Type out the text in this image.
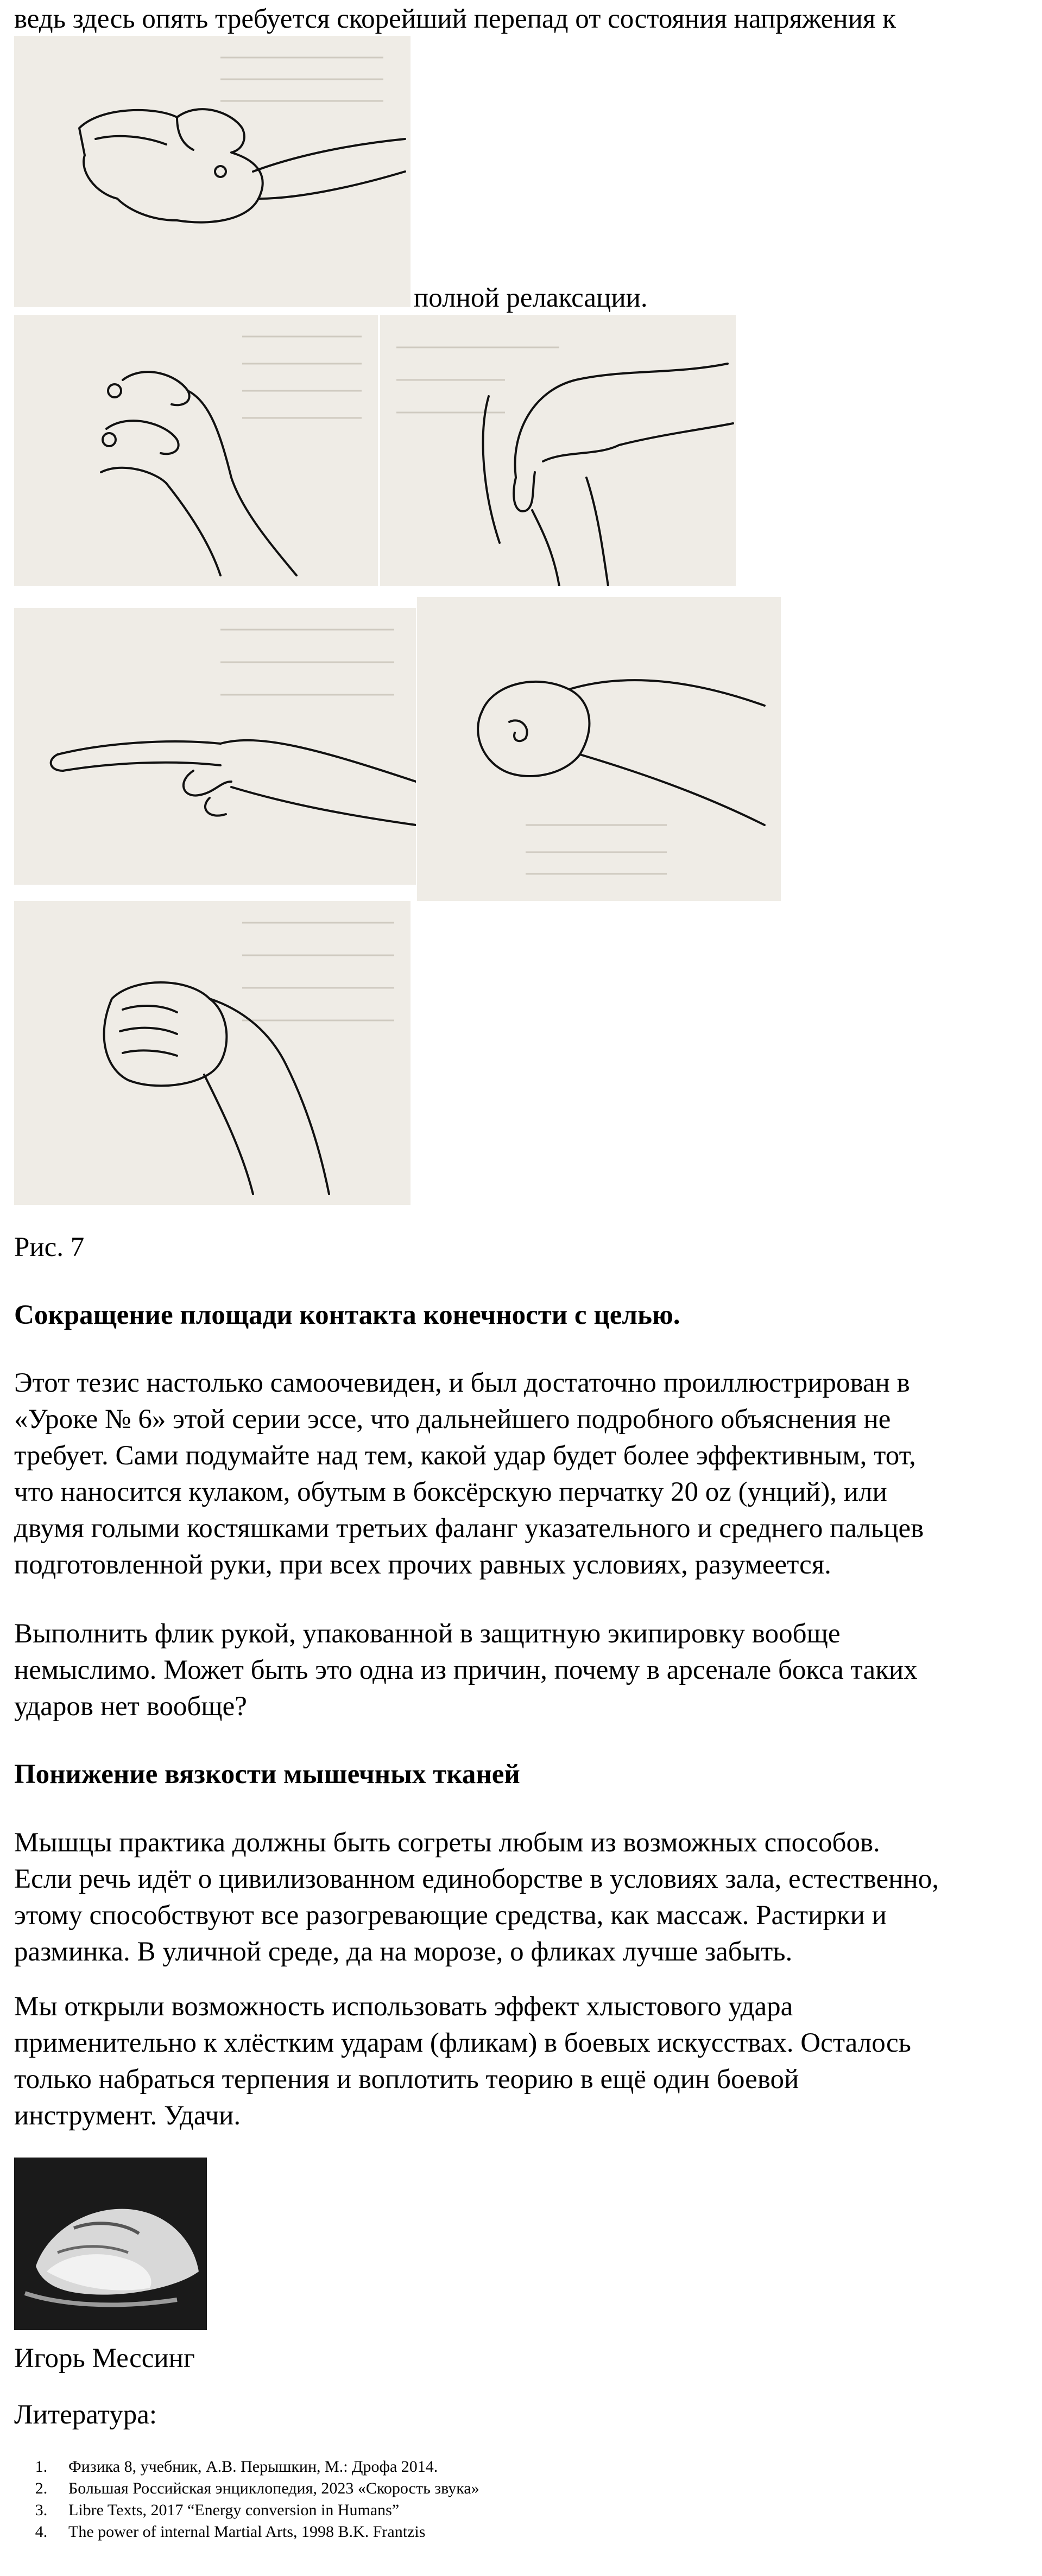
ведь здесь опять требуется скорейший перепад от состояния напряжения к

полной релаксации.

Рис. 7

Сокращение площади контакта конечности с целью.

Этот тезис настолько самоочевиден, и был достаточно проиллюстрирован в

«Уроке № 6» этой серии эссе, что дальнейшего подробного объяснения не

требует. Сами подумайте над тем, какой удар будет более эффективным, тот,

что наносится кулаком, обутым в боксёрскую перчатку 20 oz (унций), или

двумя голыми костяшками третьих фаланг указательного и среднего пальцев

подготовленной руки, при всех прочих равных условиях, разумеется.

Выполнить флик рукой, упакованной в защитную экипировку вообще

немыслимо. Может быть это одна из причин, почему в арсенале бокса таких

ударов нет вообще?

Понижение вязкости мышечных тканей

Мышцы практика должны быть согреты любым из возможных способов.

Если речь идёт о цивилизованном единоборстве в условиях зала, естественно,

этому способствуют все разогревающие средства, как массаж. Растирки и

разминка. В уличной среде, да на морозе, о фликах лучше забыть.

Мы открыли возможность использовать эффект хлыстового удара

применительно к хлёстким ударам (фликам) в боевых искусствах. Осталось

только набраться терпения и воплотить теорию в ещё один боевой

инструмент. Удачи.

Игорь Мессинг

Литература:

1.	Физика 8, учебник, А.В. Перышкин, М.: Дрофа 2014.
2.	Большая Российская энциклопедия, 2023 «Скорость звука»
3.	Libre Texts, 2017 “Energy conversion in Humans”
4.	The power of internal Martial Arts, 1998 B.K. Frantzis
